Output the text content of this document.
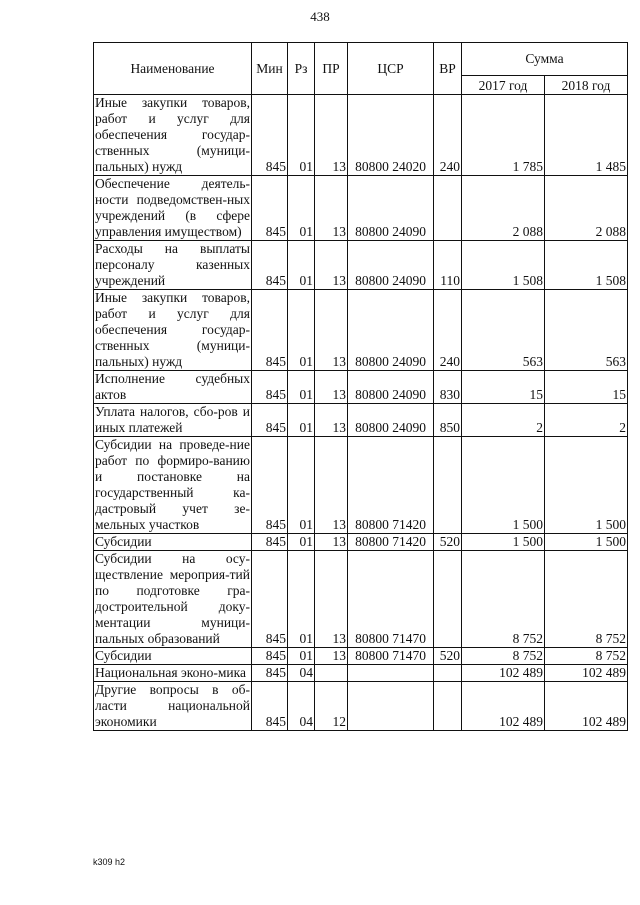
438
Наименование	Мин	Рз	ПР	ЦСР	ВР	Сумма	
						2017 год	2018 год
Иные закупки товаров, работ и услуг для обеспечения государ-ственных (муници-пальных) нужд	845	01	13	80800 24020	240	1 785	1 485
Обеспечение деятель-ности подведомствен-ных учреждений (в сфере управления имуществом)	845	01	13	80800 24090		2 088	2 088
Расходы на выплаты персоналу казенных учреждений	845	01	13	80800 24090	110	1 508	1 508
Иные закупки товаров, работ и услуг для обеспечения государ-ственных (муници-пальных) нужд	845	01	13	80800 24090	240	563	563
Исполнение судебных актов	845	01	13	80800 24090	830	15	15
Уплата налогов, сбо-ров и иных платежей	845	01	13	80800 24090	850	2	2
Субсидии на проведе-ние работ по формиро-ванию и постановке на государственный ка-дастровый учет зе-мельных участков	845	01	13	80800 71420		1 500	1 500
Субсидии	845	01	13	80800 71420	520	1 500	1 500
Субсидии на осу-ществление мероприя-тий по подготовке гра-достроительной доку-ментации муници-пальных образований	845	01	13	80800 71470		8 752	8 752
Субсидии	845	01	13	80800 71470	520	8 752	8 752
Национальная эконо-мика	845	04				102 489	102 489
Другие вопросы в об-ласти национальной экономики	845	04	12			102 489	102 489
k309 h2
